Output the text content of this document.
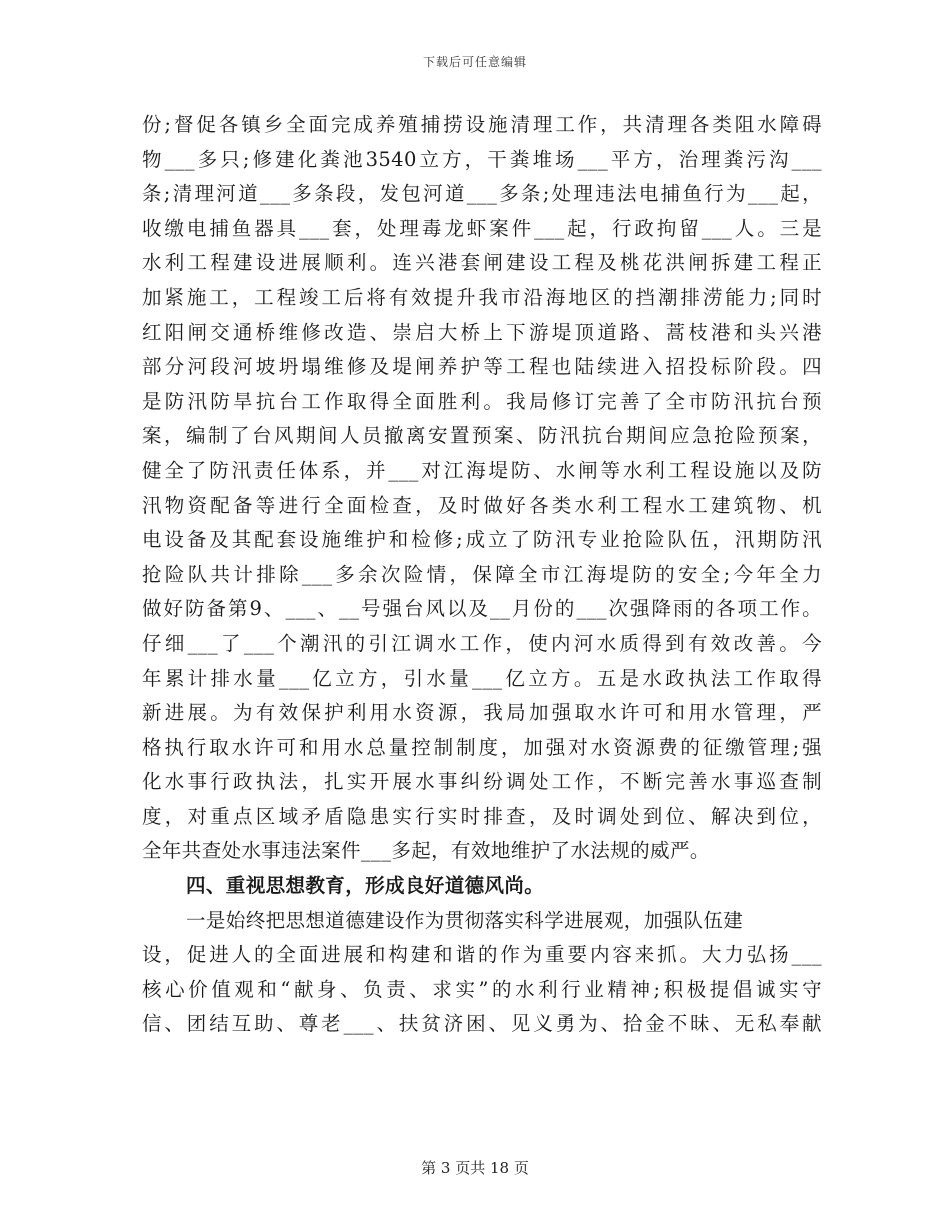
下载后可任意编辑
份;督促各镇乡全面完成养殖捕捞设施清理工作，共清理各类阻水障碍
物___多只;修建化粪池3540立方，干粪堆场___平方，治理粪污沟___
条;清理河道___多条段，发包河道___多条;处理违法电捕鱼行为___起，
收缴电捕鱼器具___套，处理毒龙虾案件___起，行政拘留___人。三是
水利工程建设进展顺利。连兴港套闸建设工程及桃花洪闸拆建工程正
加紧施工，工程竣工后将有效提升我市沿海地区的挡潮排涝能力;同时
红阳闸交通桥维修改造、崇启大桥上下游堤顶道路、蒿枝港和头兴港
部分河段河坡坍塌维修及堤闸养护等工程也陆续进入招投标阶段。四
是防汛防旱抗台工作取得全面胜利。我局修订完善了全市防汛抗台预
案，编制了台风期间人员撤离安置预案、防汛抗台期间应急抢险预案，
健全了防汛责任体系，并___对江海堤防、水闸等水利工程设施以及防
汛物资配备等进行全面检查，及时做好各类水利工程水工建筑物、机
电设备及其配套设施维护和检修;成立了防汛专业抢险队伍，汛期防汛
抢险队共计排除___多余次险情，保障全市江海堤防的安全;今年全力
做好防备第9、___、__号强台风以及__月份的___次强降雨的各项工作。
仔细___了___个潮汛的引江调水工作，使内河水质得到有效改善。今
年累计排水量___亿立方，引水量___亿立方。五是水政执法工作取得
新进展。为有效保护利用水资源，我局加强取水许可和用水管理，严
格执行取水许可和用水总量控制制度，加强对水资源费的征缴管理;强
化水事行政执法，扎实开展水事纠纷调处工作，不断完善水事巡查制
度，对重点区域矛盾隐患实行实时排查，及时调处到位、解决到位，
全年共查处水事违法案件___多起，有效地维护了水法规的威严。
四、重视思想教育，形成良好道德风尚。
一是始终把思想道德建设作为贯彻落实科学进展观，加强队伍建
设，促进人的全面进展和构建和谐的作为重要内容来抓。大力弘扬___
核心价值观和“献身、负责、求实”的水利行业精神;积极提倡诚实守
信、团结互助、尊老___、扶贫济困、见义勇为、拾金不昧、无私奉献
第 3 页共 18 页
